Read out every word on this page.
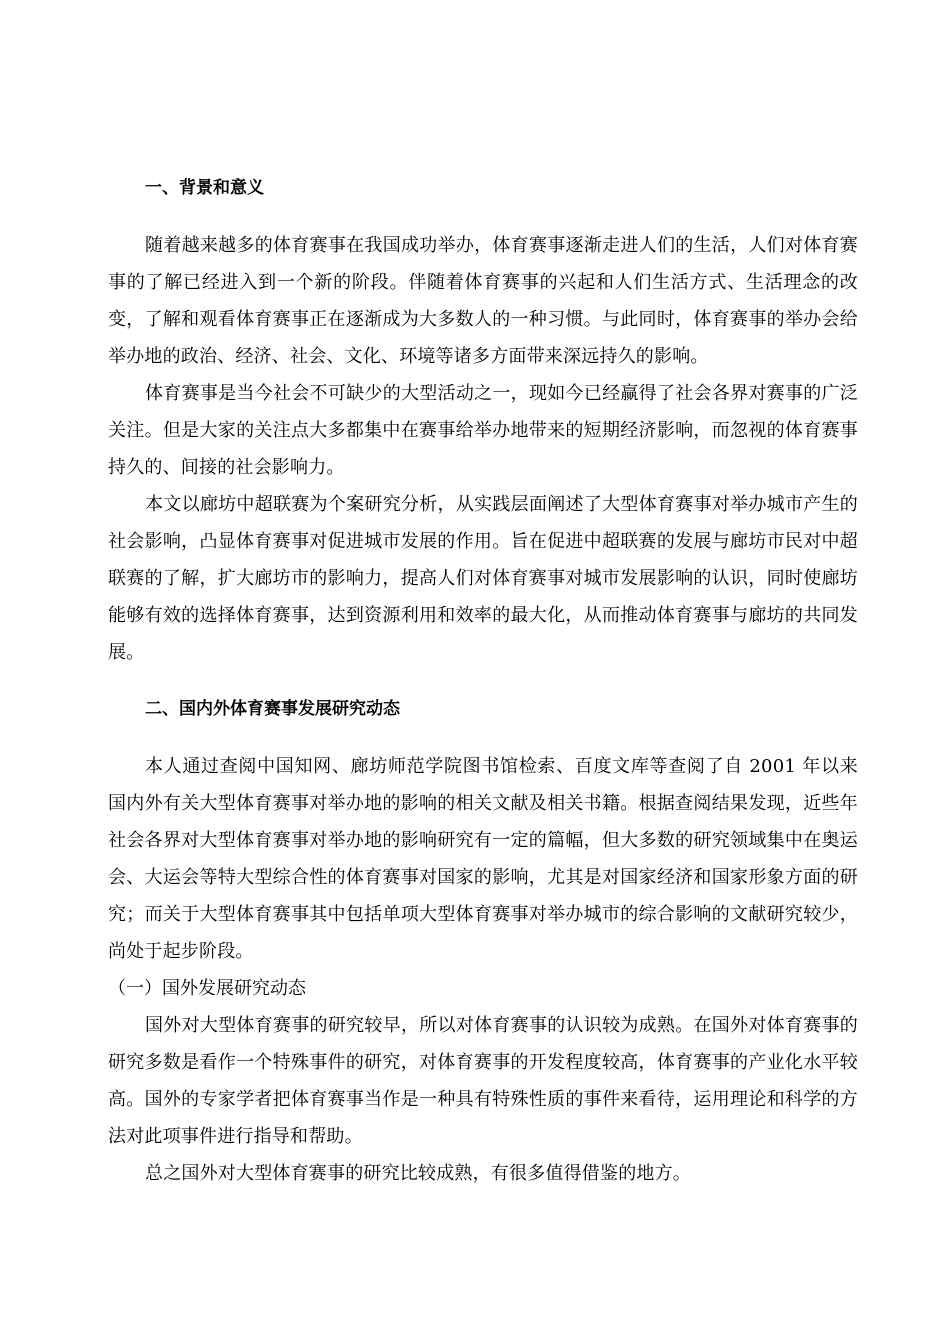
一、背景和意义

随着越来越多的体育赛事在我国成功举办，体育赛事逐渐走进人们的生活，人们对体育赛事的了解已经进入到一个新的阶段。伴随着体育赛事的兴起和人们生活方式、生活理念的改变，了解和观看体育赛事正在逐渐成为大多数人的一种习惯。与此同时，体育赛事的举办会给举办地的政治、经济、社会、文化、环境等诸多方面带来深远持久的影响。

体育赛事是当今社会不可缺少的大型活动之一，现如今已经赢得了社会各界对赛事的广泛关注。但是大家的关注点大多都集中在赛事给举办地带来的短期经济影响，而忽视的体育赛事持久的、间接的社会影响力。

本文以廊坊中超联赛为个案研究分析，从实践层面阐述了大型体育赛事对举办城市产生的社会影响，凸显体育赛事对促进城市发展的作用。旨在促进中超联赛的发展与廊坊市民对中超联赛的了解，扩大廊坊市的影响力，提高人们对体育赛事对城市发展影响的认识，同时使廊坊能够有效的选择体育赛事，达到资源利用和效率的最大化，从而推动体育赛事与廊坊的共同发展。

二、国内外体育赛事发展研究动态

本人通过查阅中国知网、廊坊师范学院图书馆检索、百度文库等查阅了自 2001 年以来国内外有关大型体育赛事对举办地的影响的相关文献及相关书籍。根据查阅结果发现，近些年社会各界对大型体育赛事对举办地的影响研究有一定的篇幅，但大多数的研究领域集中在奥运会、大运会等特大型综合性的体育赛事对国家的影响，尤其是对国家经济和国家形象方面的研究；而关于大型体育赛事其中包括单项大型体育赛事对举办城市的综合影响的文献研究较少，尚处于起步阶段。

（一）国外发展研究动态

国外对大型体育赛事的研究较早，所以对体育赛事的认识较为成熟。在国外对体育赛事的研究多数是看作一个特殊事件的研究，对体育赛事的开发程度较高，体育赛事的产业化水平较高。国外的专家学者把体育赛事当作是一种具有特殊性质的事件来看待，运用理论和科学的方法对此项事件进行指导和帮助。

总之国外对大型体育赛事的研究比较成熟，有很多值得借鉴的地方。
